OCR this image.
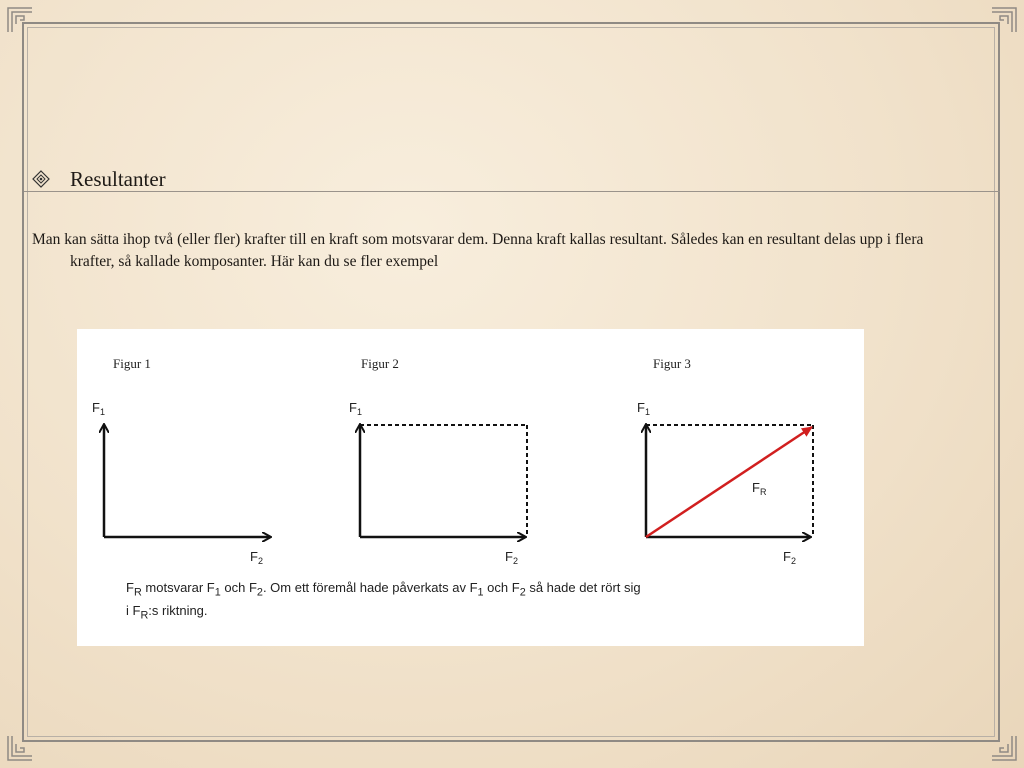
Resultanter
Man kan sätta ihop två (eller fler) krafter till en kraft som motsvarar dem. Denna kraft kallas resultant. Således kan en resultant delas upp i flera krafter, så kallade komposanter. Här kan du se fler exempel
Figur 1
$F_1$
$F_2$
Figur 2
$F_1$
$F_2$
Figur 3
$F_1$
$F_R$
$F_2$
$F_R$ motsvarar $F_1$ och $F_2$. Om ett föremål hade påverkats av $F_1$ och $F_2$ så hade det rört sig
i $F_R:s$ riktning.
